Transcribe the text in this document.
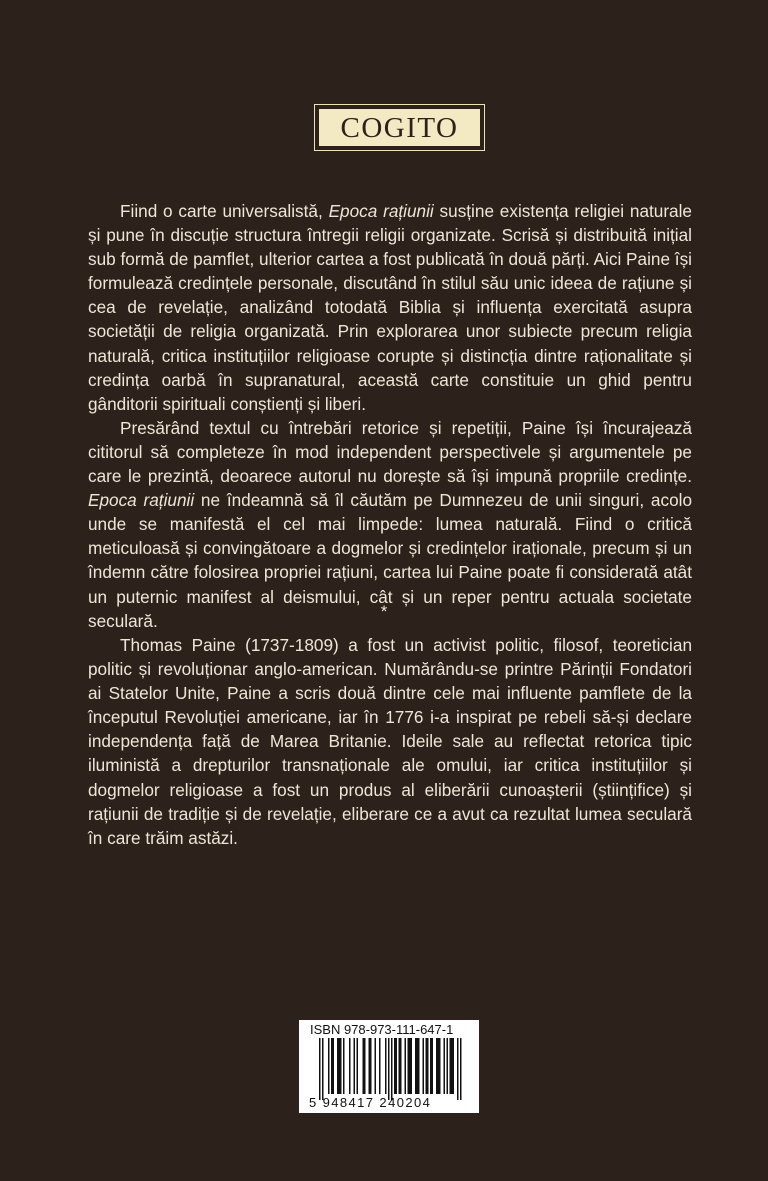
COGITO

Fiind o carte universalistă, Epoca rațiunii susține existența religiei naturale și pune în discuție structura întregii religii organizate. Scrisă și distribuită inițial sub formă de pamflet, ulterior cartea a fost publicată în două părți. Aici Paine își formulează credințele personale, discutând în stilul său unic ideea de rațiune și cea de revelație, analizând totodată Biblia și influența exercitată asupra societății de religia organizată. Prin explorarea unor subiecte precum religia naturală, critica instituțiilor religioase corupte și distincția dintre raționalitate și credința oarbă în supranatural, această carte constituie un ghid pentru gânditorii spirituali conștienți și liberi.

Presărând textul cu întrebări retorice și repetiții, Paine își încurajează cititorul să completeze în mod independent perspectivele și argumentele pe care le prezintă, deoarece autorul nu dorește să își impună propriile credințe. Epoca rațiunii ne îndeamnă să îl căutăm pe Dumnezeu de unii singuri, acolo unde se manifestă el cel mai limpede: lumea naturală. Fiind o critică meticuloasă și convingătoare a dogmelor și credințelor iraționale, precum și un îndemn către folosirea propriei rațiuni, cartea lui Paine poate fi considerată atât un puternic manifest al deismului, cât și un reper pentru actuala societate seculară.	*

Thomas Paine (1737-1809) a fost un activist politic, filosof, teoretician politic și revoluționar anglo-american. Numărându-se printre Părinții Fondatori ai Statelor Unite, Paine a scris două dintre cele mai influente pamflete de la începutul Revoluției americane, iar în 1776 i-a inspirat pe rebeli să-și declare independența față de Marea Britanie. Ideile sale au reflectat retorica tipic iluministă a drepturilor transnaționale ale omului, iar critica instituțiilor și dogmelor religioase a fost un produs al eliberării cunoașterii (științifice) și rațiunii de tradiție și de revelație, eliberare ce a avut ca rezultat lumea seculară în care trăim astăzi.

ISBN 978-973-111-647-1
5 948417 240204
